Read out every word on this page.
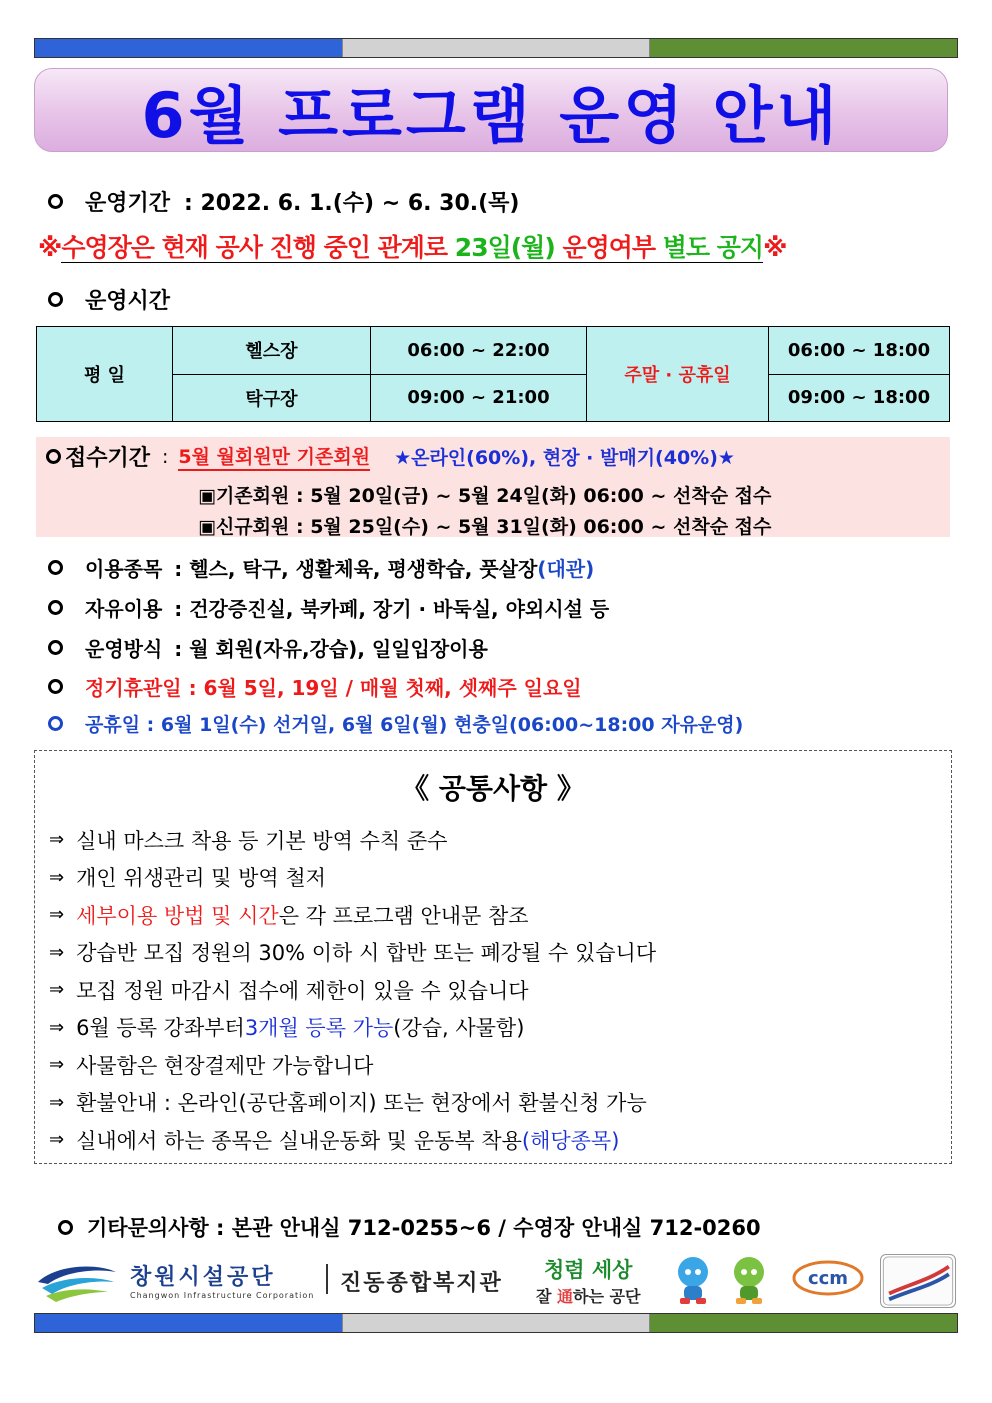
6월 프로그램 운영 안내
운영기간 : 2022. 6. 1.(수) ~ 6. 30.(목)
※수영장은 현재 공사 진행 중인 관계로 23일(월) 운영여부 별도 공지※
운영시간
평 일	헬스장	06:00 ~ 22:00	주말 · 공휴일	06:00 ~ 18:00
	탁구장	09:00 ~ 21:00		09:00 ~ 18:00
접수기간 : 5월 월회원만 기존회원 ★온라인(60%), 현장 · 발매기(40%)★
▣기존회원 : 5월 20일(금) ~ 5월 24일(화) 06:00 ~ 선착순 접수
▣신규회원 : 5월 25일(수) ~ 5월 31일(화) 06:00 ~ 선착순 접수
이용종목 : 헬스, 탁구, 생활체육, 평생학습, 풋살장 (대관)
자유이용 : 건강증진실, 북카페, 장기 · 바둑실, 야외시설 등
운영방식 : 월 회원(자유,강습), 일일입장이용
정기휴관일 : 6월 5일, 19일 / 매월 첫째, 셋째주 일요일
공휴일 : 6월 1일(수) 선거일, 6월 6일(월) 현충일(06:00~18:00 자유운영)
《 공통사항 》
⇒ 실내 마스크 착용 등 기본 방역 수칙 준수
⇒ 개인 위생관리 및 방역 철저
⇒ 세부이용 방법 및 시간 은 각 프로그램 안내문 참조
⇒ 강습반 모집 정원의 30% 이하 시 합반 또는 폐강될 수 있습니다
⇒ 모집 정원 마감시 접수에 제한이 있을 수 있습니다
⇒ 6월 등록 강좌부터 3개월 등록 가능 (강습, 사물함)
⇒ 사물함은 현장결제만 가능합니다
⇒ 환불안내 : 온라인(공단홈페이지) 또는 현장에서 환불신청 가능
⇒ 실내에서 하는 종목은 실내운동화 및 운동복 착용 (해당종목)
기타문의사항 : 본관 안내실 712-0255~6 / 수영장 안내실 712-0260
창원시설공단
Changwon Infrastructure Corporation 진동종합복지관
청렴 세상
잘 通하는 공단
ccm
